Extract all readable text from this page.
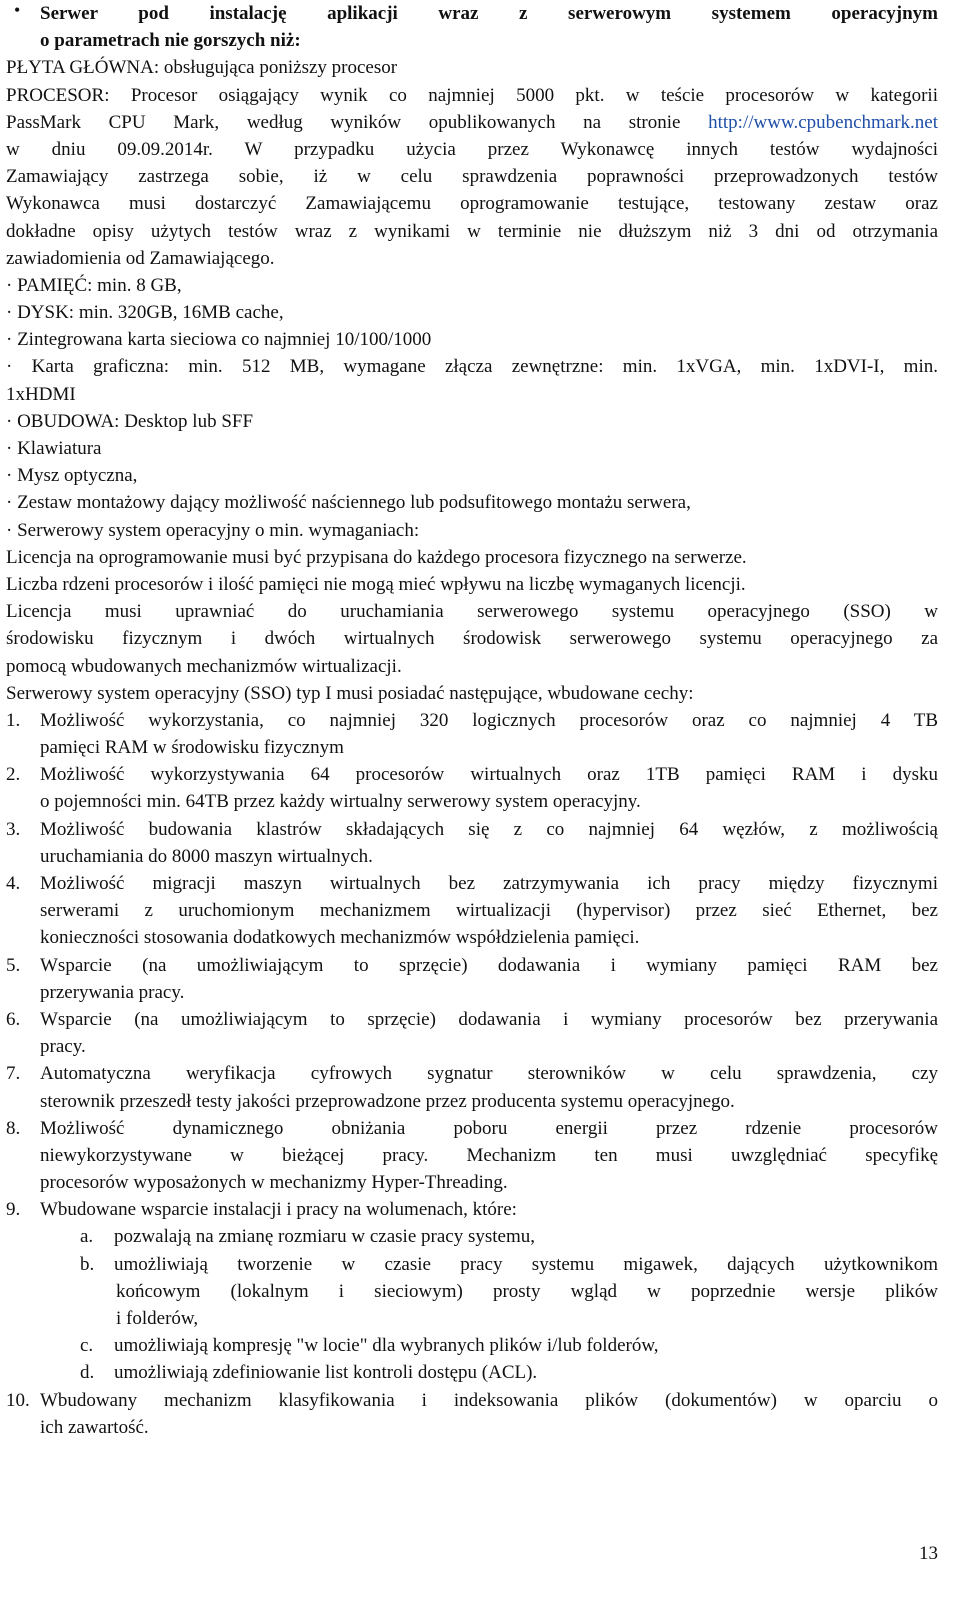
•	Serwer pod instalację aplikacji wraz z serwerowym systemem operacyjnym
o parametrach nie gorszych niż:
PŁYTA GŁÓWNA: obsługująca poniższy procesor
PROCESOR: Procesor osiągający wynik co najmniej 5000 pkt. w teście procesorów w kategorii
PassMark CPU Mark, według wyników opublikowanych na stronie http://www.cpubenchmark.net
w dniu 09.09.2014r. W przypadku użycia przez Wykonawcę innych testów wydajności
Zamawiający zastrzega sobie, iż w celu sprawdzenia poprawności przeprowadzonych testów
Wykonawca musi dostarczyć Zamawiającemu oprogramowanie testujące, testowany zestaw oraz
dokładne opisy użytych testów wraz z wynikami w terminie nie dłuższym niż 3 dni od otrzymania
zawiadomienia od Zamawiającego.
· PAMIĘĆ: min. 8 GB,
· DYSK: min. 320GB, 16MB cache,
· Zintegrowana karta sieciowa co najmniej 10/100/1000
· Karta graficzna: min. 512 MB, wymagane złącza zewnętrzne: min. 1xVGA, min. 1xDVI-I, min.
1xHDMI
· OBUDOWA: Desktop lub SFF
· Klawiatura
· Mysz optyczna,
· Zestaw montażowy dający możliwość naściennego lub podsufitowego montażu serwera,
· Serwerowy system operacyjny o min. wymaganiach:
Licencja na oprogramowanie musi być przypisana do każdego procesora fizycznego na serwerze.
Liczba rdzeni procesorów i ilość pamięci nie mogą mieć wpływu na liczbę wymaganych licencji.
Licencja musi uprawniać do uruchamiania serwerowego systemu operacyjnego (SSO) w
środowisku fizycznym i dwóch wirtualnych środowisk serwerowego systemu operacyjnego za
pomocą wbudowanych mechanizmów wirtualizacji.
Serwerowy system operacyjny (SSO) typ I musi posiadać następujące, wbudowane cechy:
1.	Możliwość wykorzystania, co najmniej 320 logicznych procesorów oraz co najmniej 4 TB
pamięci RAM w środowisku fizycznym
2.	Możliwość wykorzystywania 64 procesorów wirtualnych oraz 1TB pamięci RAM i dysku
o pojemności min. 64TB przez każdy wirtualny serwerowy system operacyjny.
3.	Możliwość budowania klastrów składających się z co najmniej 64 węzłów, z możliwością
uruchamiania do 8000 maszyn wirtualnych.
4.	Możliwość migracji maszyn wirtualnych bez zatrzymywania ich pracy między fizycznymi
serwerami z uruchomionym mechanizmem wirtualizacji (hypervisor) przez sieć Ethernet, bez
konieczności stosowania dodatkowych mechanizmów współdzielenia pamięci.
5.	Wsparcie (na umożliwiającym to sprzęcie) dodawania i wymiany pamięci RAM bez
przerywania pracy.
6.	Wsparcie (na umożliwiającym to sprzęcie) dodawania i wymiany procesorów bez przerywania
pracy.
7.	Automatyczna weryfikacja cyfrowych sygnatur sterowników w celu sprawdzenia, czy
sterownik przeszedł testy jakości przeprowadzone przez producenta systemu operacyjnego.
8.	Możliwość dynamicznego obniżania poboru energii przez rdzenie procesorów
niewykorzystywane w bieżącej pracy. Mechanizm ten musi uwzględniać specyfikę
procesorów wyposażonych w mechanizmy Hyper-Threading.
9.	Wbudowane wsparcie instalacji i pracy na wolumenach, które:
a.	pozwalają na zmianę rozmiaru w czasie pracy systemu,
b.	umożliwiają tworzenie w czasie pracy systemu migawek, dających użytkownikom
końcowym (lokalnym i sieciowym) prosty wgląd w poprzednie wersje plików
i folderów,
c.	umożliwiają kompresję "w locie" dla wybranych plików i/lub folderów,
d.	umożliwiają zdefiniowanie list kontroli dostępu (ACL).
10. Wbudowany mechanizm klasyfikowania i indeksowania plików (dokumentów) w oparciu o
ich zawartość.
13
